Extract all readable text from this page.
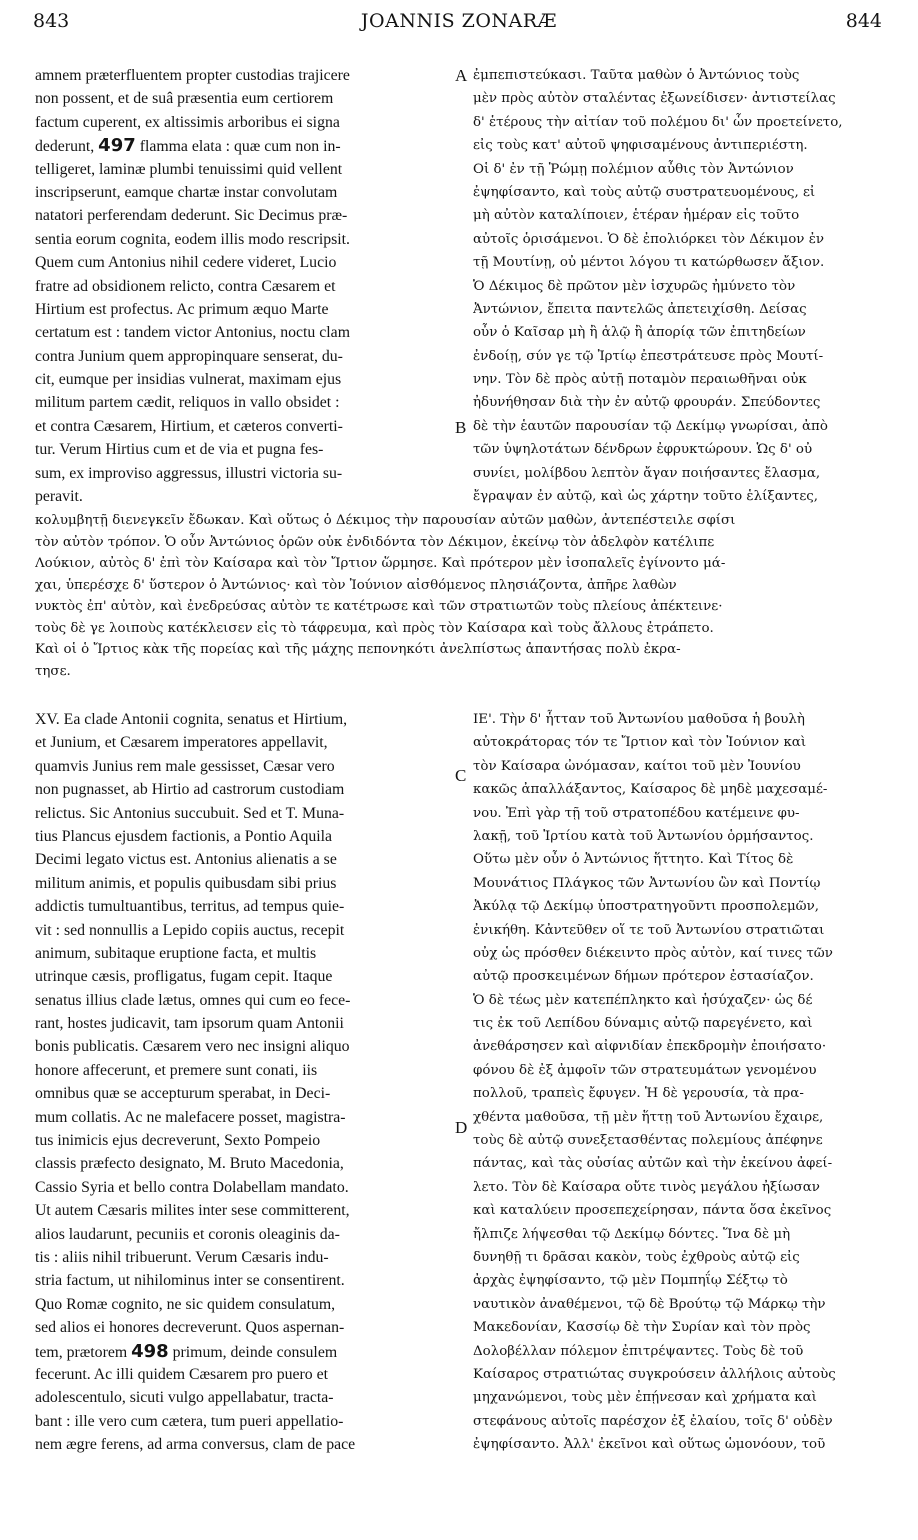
843	JOANNIS ZONARÆ	844
amnem præterfluentem propter custodias trajicere
non possent, et de suâ præsentia eum certiorem
factum cuperent, ex altissimis arboribus ei signa
dederunt, 497 flamma elata : quæ cum non in-
telligeret, laminæ plumbi tenuissimi quid vellent
inscripserunt, eamque chartæ instar convolutam
natatori perferendam dederunt. Sic Decimus præ-
sentia eorum cognita, eodem illis modo rescripsit.
Quem cum Antonius nihil cedere videret, Lucio
fratre ad obsidionem relicto, contra Cæsarem et
Hirtium est profectus. Ac primum æquo Marte
certatum est : tandem victor Antonius, noctu clam
contra Junium quem appropinquare senserat, du-
cit, eumque per insidias vulnerat, maximam ejus
militum partem cædit, reliquos in vallo obsidet :
et contra Cæsarem, Hirtium, et cæteros converti-
tur. Verum Hirtius cum et de via et pugna fes-
sum, ex improviso aggressus, illustri victoria su-
peravit.
ἐμπεπιστεύκασι. Ταῦτα μαθὼν ὁ Ἀντώνιος τοὺς
μὲν πρὸς αὐτὸν σταλέντας ἐξωνείδισεν· ἀντιστείλας
δ' ἑτέρους τὴν αἰτίαν τοῦ πολέμου δι' ὧν προετείνετο,
εἰς τοὺς κατ' αὐτοῦ ψηφισαμένους ἀντιπεριέστη.
Οἱ δ' ἐν τῇ Ῥώμῃ πολέμιον αὖθις τὸν Ἀντώνιον
ἐψηφίσαντο, καὶ τοὺς αὐτῷ συστρατευομένους, εἰ
μὴ αὐτὸν καταλίποιεν, ἑτέραν ἡμέραν εἰς τοῦτο
αὐτοῖς ὁρισάμενοι. Ὁ δὲ ἐπολιόρκει τὸν Δέκιμον ἐν
τῇ Μουτίνῃ, οὐ μέντοι λόγου τι κατώρθωσεν ἄξιον.
Ὁ Δέκιμος δὲ πρῶτον μὲν ἰσχυρῶς ἠμύνετο τὸν
Ἀντώνιον, ἔπειτα παντελῶς ἀπετειχίσθη. Δείσας
οὖν ὁ Καῖσαρ μὴ ἢ ἁλῷ ἢ ἀπορίᾳ τῶν ἐπιτηδείων
ἐνδοίῃ, σύν γε τῷ Ἰρτίῳ ἐπεστράτευσε πρὸς Μουτί-
νην. Τὸν δὲ πρὸς αὐτῇ ποταμὸν περαιωθῆναι οὐκ
ἠδυνήθησαν διὰ τὴν ἐν αὐτῷ φρουράν. Σπεύδοντες
δὲ τὴν ἑαυτῶν παρουσίαν τῷ Δεκίμῳ γνωρίσαι, ἀπὸ
τῶν ὑψηλοτάτων δένδρων ἐφρυκτώρουν. Ὡς δ' οὐ
συνίει, μολίβδου λεπτὸν ἄγαν ποιήσαντες ἔλασμα,
ἔγραψαν ἐν αὐτῷ, καὶ ὡς χάρτην τοῦτο ἑλίξαντες,
κολυμβητῇ διενεγκεῖν ἔδωκαν. Καὶ οὕτως ὁ Δέκιμος τὴν παρουσίαν αὐτῶν μαθὼν, ἀντεπέστειλε σφίσι
τὸν αὐτὸν τρόπον. Ὁ οὖν Ἀντώνιος ὁρῶν οὐκ ἐνδιδόντα τὸν Δέκιμον, ἐκείνῳ τὸν ἀδελφὸν κατέλιπε
Λούκιον, αὐτὸς δ' ἐπὶ τὸν Καίσαρα καὶ τὸν Ἴρτιον ὥρμησε. Καὶ πρότερον μὲν ἰσοπαλεῖς ἐγίνοντο μά-
χαι, ὑπερέσχε δ' ὕστερον ὁ Ἀντώνιος· καὶ τὸν Ἰούνιον αἰσθόμενος πλησιάζοντα, ἀπῆρε λαθὼν
νυκτὸς ἐπ' αὐτὸν, καὶ ἐνεδρεύσας αὐτὸν τε κατέτρωσε καὶ τῶν στρατιωτῶν τοὺς πλείους ἀπέκτεινε·
τοὺς δὲ γε λοιποὺς κατέκλεισεν εἰς τὸ τάφρευμα, καὶ πρὸς τὸν Καίσαρα καὶ τοὺς ἄλλους ἐτράπετο.
Καὶ οἱ ὁ Ἴρτιος κὰκ τῆς πορείας καὶ τῆς μάχης πεπονηκότι ἀνελπίστως ἀπαντήσας πολὺ ἐκρα-
τησε.
XV. Ea clade Antonii cognita, senatus et Hirtium,
et Junium, et Cæsarem imperatores appellavit,
quamvis Junius rem male gessisset, Cæsar vero
non pugnasset, ab Hirtio ad castrorum custodiam
relictus. Sic Antonius succubuit. Sed et T. Muna-
tius Plancus ejusdem factionis, a Pontio Aquila
Decimi legato victus est. Antonius alienatis a se
militum animis, et populis quibusdam sibi prius
addictis tumultuantibus, territus, ad tempus quie-
vit : sed nonnullis a Lepido copiis auctus, recepit
animum, subitaque eruptione facta, et multis
utrinque cæsis, profligatus, fugam cepit. Itaque
senatus illius clade lætus, omnes qui cum eo fece-
rant, hostes judicavit, tam ipsorum quam Antonii
bonis publicatis. Cæsarem vero nec insigni aliquo
honore affecerunt, et premere sunt conati, iis
omnibus quæ se accepturum sperabat, in Deci-
mum collatis. Ac ne malefacere posset, magistra-
tus inimicis ejus decreverunt, Sexto Pompeio
classis præfecto designato, M. Bruto Macedonia,
Cassio Syria et bello contra Dolabellam mandato.
Ut autem Cæsaris milites inter sese committerent,
alios laudarunt, pecuniis et coronis oleaginis da-
tis : aliis nihil tribuerunt. Verum Cæsaris indu-
stria factum, ut nihilominus inter se consentirent.
Quo Romæ cognito, ne sic quidem consulatum,
sed alios ei honores decreverunt. Quos aspernan-
tem, prætorem 498 primum, deinde consulem
fecerunt. Ac illi quidem Cæsarem pro puero et
adolescentulo, sicuti vulgo appellabatur, tracta-
bant : ille vero cum cætera, tum pueri appellatio-
nem ægre ferens, ad arma conversus, clam de pace
ΙΕ'. Τὴν δ' ἧτταν τοῦ Ἀντωνίου μαθοῦσα ἡ βουλὴ
αὐτοκράτορας τόν τε Ἴρτιον καὶ τὸν Ἰούνιον καὶ
τὸν Καίσαρα ὠνόμασαν, καίτοι τοῦ μὲν Ἰουνίου
κακῶς ἀπαλλάξαντος, Καίσαρος δὲ μηδὲ μαχεσαμέ-
νου. Ἐπὶ γὰρ τῇ τοῦ στρατοπέδου κατέμεινε φυ-
λακῇ, τοῦ Ἰρτίου κατὰ τοῦ Ἀντωνίου ὁρμήσαντος.
Οὕτω μὲν οὖν ὁ Ἀντώνιος ἥττητο. Καὶ Τίτος δὲ
Μουνάτιος Πλάγκος τῶν Ἀντωνίου ὢν καὶ Ποντίῳ
Ἀκύλᾳ τῷ Δεκίμῳ ὑποστρατηγοῦντι προσπολεμῶν,
ἐνικήθη. Κἀντεῦθεν οἵ τε τοῦ Ἀντωνίου στρατιῶται
οὐχ ὡς πρόσθεν διέκειντο πρὸς αὐτὸν, καί τινες τῶν
αὐτῷ προσκειμένων δήμων πρότερον ἐστασίαζον.
Ὁ δὲ τέως μὲν κατεπέπληκτο καὶ ἡσύχαζεν· ὡς δέ
τις ἐκ τοῦ Λεπίδου δύναμις αὐτῷ παρεγένετο, καὶ
ἀνεθάρσησεν καὶ αἰφνιδίαν ἐπεκδρομὴν ἐποιήσατο·
φόνου δὲ ἐξ ἀμφοῖν τῶν στρατευμάτων γενομένου
πολλοῦ, τραπεὶς ἔφυγεν. Ἡ δὲ γερουσία, τὰ πρα-
χθέντα μαθοῦσα, τῇ μὲν ἥττῃ τοῦ Ἀντωνίου ἔχαιρε,
τοὺς δὲ αὐτῷ συνεξετασθέντας πολεμίους ἀπέφηνε
πάντας, καὶ τὰς οὐσίας αὐτῶν καὶ τὴν ἐκείνου ἀφεί-
λετο. Τὸν δὲ Καίσαρα οὔτε τινὸς μεγάλου ἠξίωσαν
καὶ καταλύειν προσεπεχείρησαν, πάντα ὅσα ἐκεῖνος
ἤλπιζε λήψεσθαι τῷ Δεκίμῳ δόντες. Ἵνα δὲ μὴ
δυνηθῇ τι δρᾶσαι κακὸν, τοὺς ἐχθροὺς αὐτῷ εἰς
ἀρχὰς ἐψηφίσαντο, τῷ μὲν Πομπηΐῳ Σέξτῳ τὸ
ναυτικὸν ἀναθέμενοι, τῷ δὲ Βρούτῳ τῷ Μάρκῳ τὴν
Μακεδονίαν, Κασσίῳ δὲ τὴν Συρίαν καὶ τὸν πρὸς
Δολοβέλλαν πόλεμον ἐπιτρέψαντες. Τοὺς δὲ τοῦ
Καίσαρος στρατιώτας συγκρούσειν ἀλλήλοις αὐτοὺς
μηχανώμενοι, τοὺς μὲν ἐπῄνεσαν καὶ χρήματα καὶ
στεφάνους αὐτοῖς παρέσχον ἐξ ἐλαίου, τοῖς δ' οὐδὲν
ἐψηφίσαντο. Ἀλλ' ἐκεῖνοι καὶ οὕτως ὡμονόουν, τοῦ
A
B
C
D
